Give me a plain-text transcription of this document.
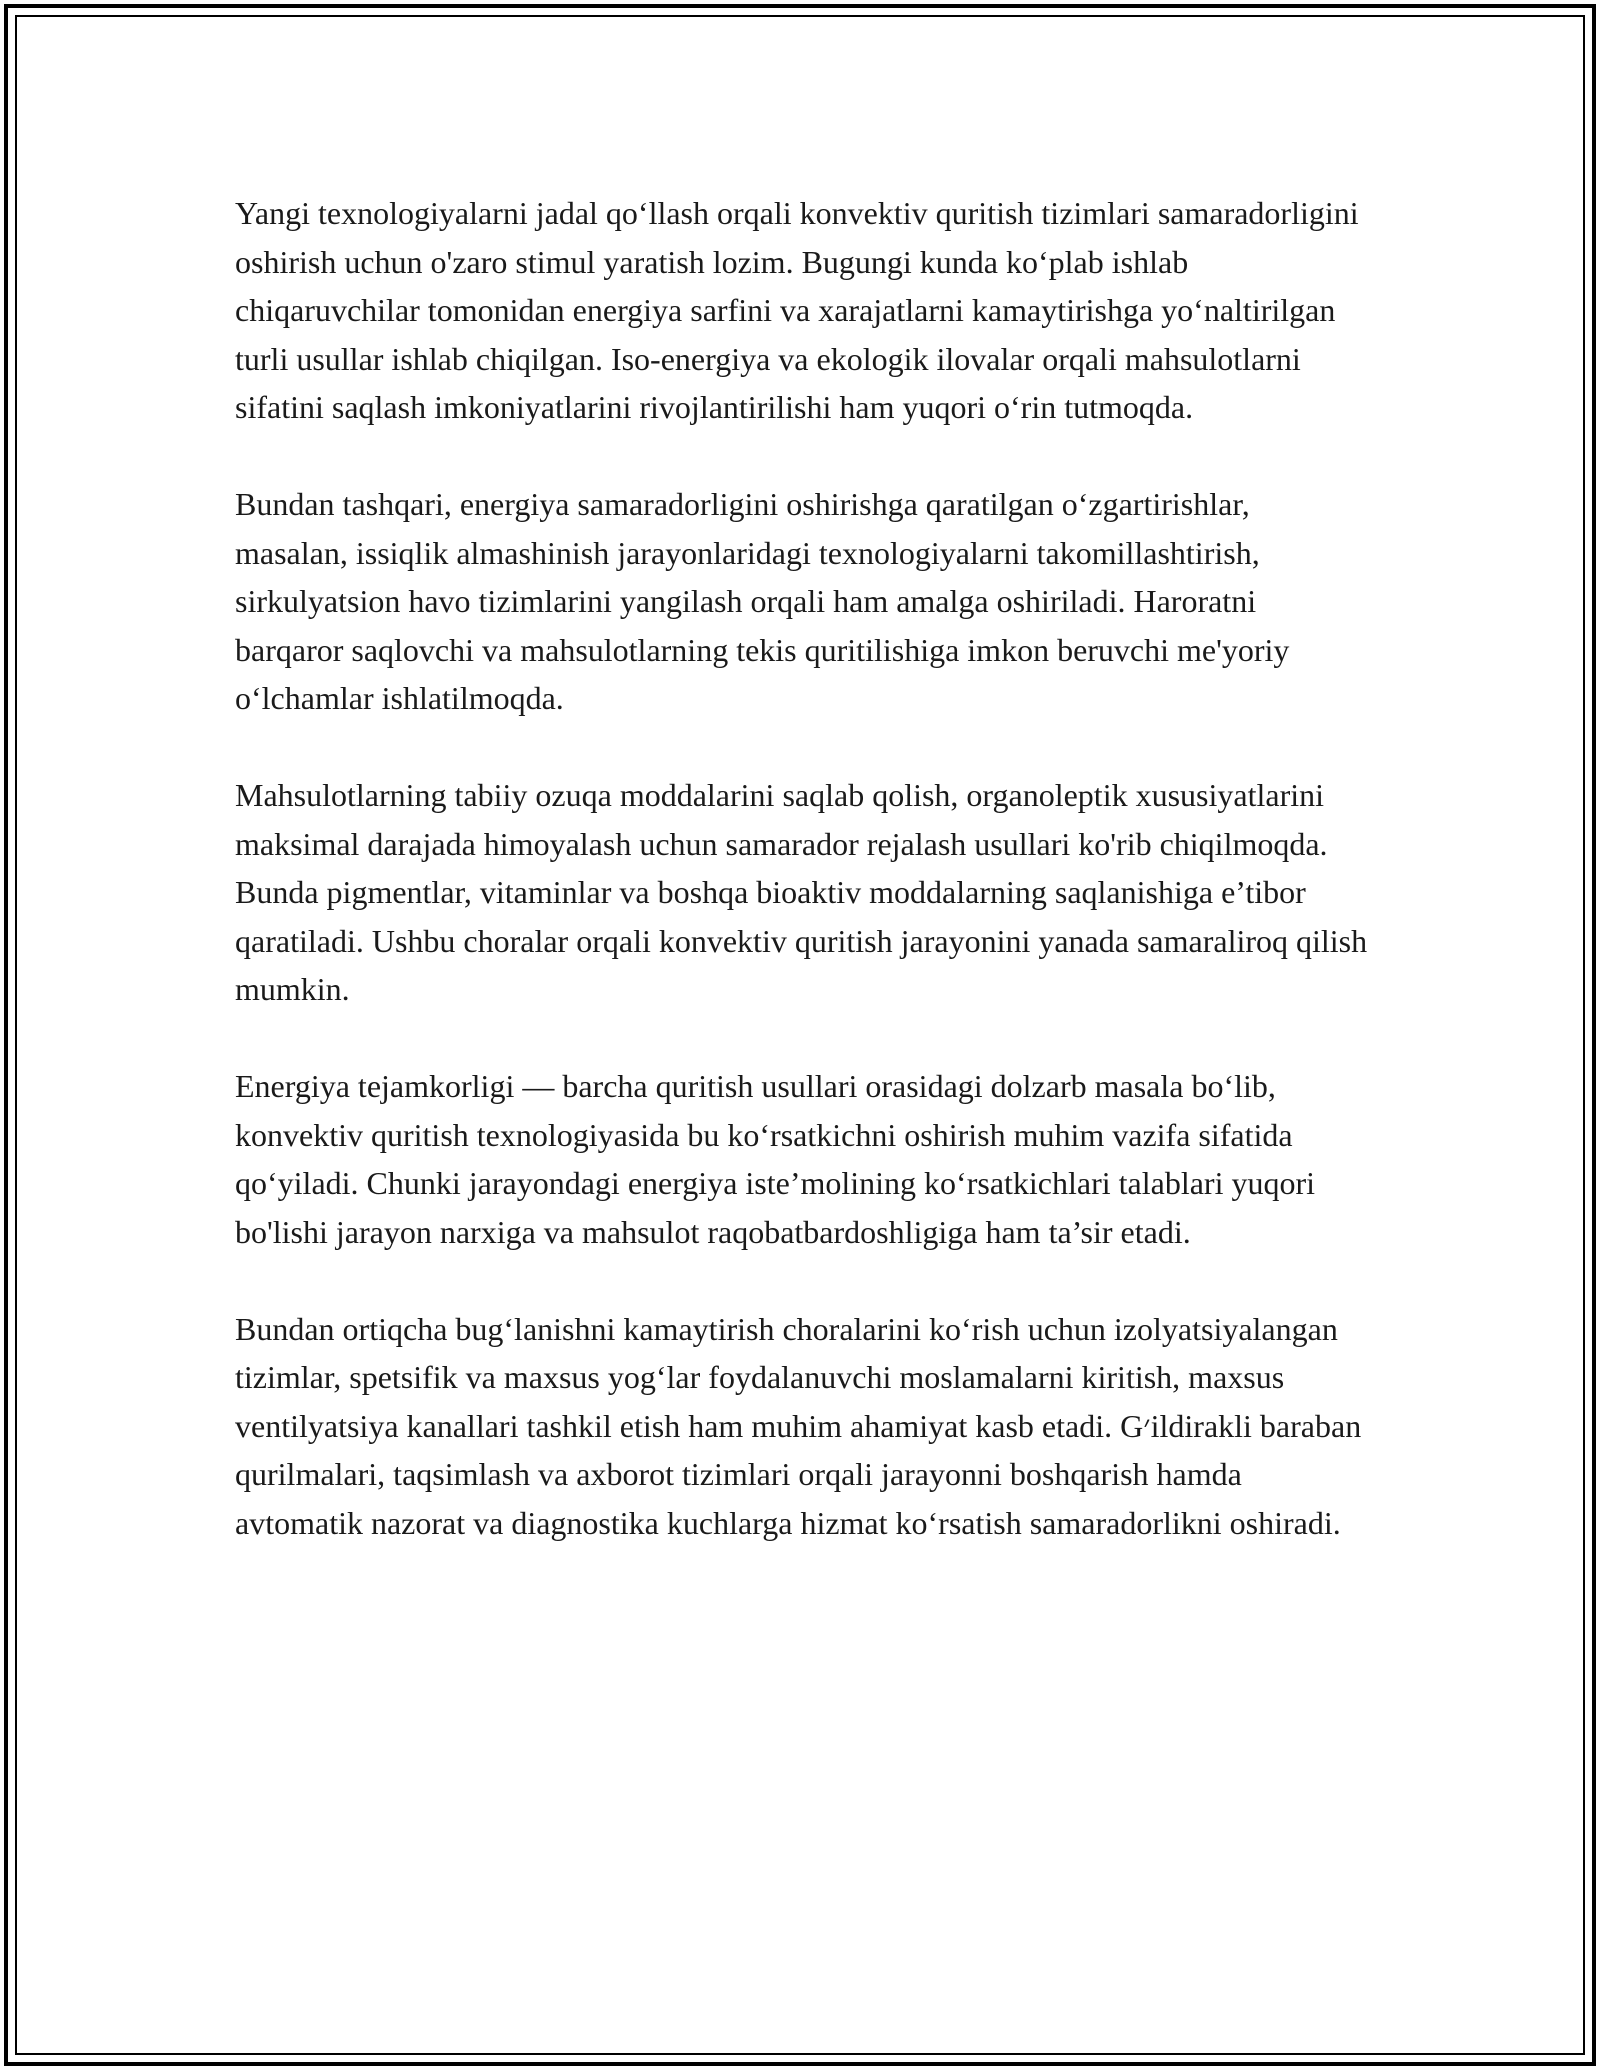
Yangi texnologiyalarni jadal qo‘llash orqali konvektiv quritish tizimlari samaradorligini oshirish uchun o'zaro stimul yaratish lozim. Bugungi kunda ko‘plab ishlab chiqaruvchilar tomonidan energiya sarfini va xarajatlarni kamaytirishga yo‘naltirilgan turli usullar ishlab chiqilgan. Iso-energiya va ekologik ilovalar orqali mahsulotlarni sifatini saqlash imkoniyatlarini rivojlantirilishi ham yuqori o‘rin tutmoqda.

Bundan tashqari, energiya samaradorligini oshirishga qaratilgan o‘zgartirishlar, masalan, issiqlik almashinish jarayonlaridagi texnologiyalarni takomillashtirish, sirkulyatsion havo tizimlarini yangilash orqali ham amalga oshiriladi. Haroratni barqaror saqlovchi va mahsulotlarning tekis quritilishiga imkon beruvchi me'yoriy o‘lchamlar ishlatilmoqda.

Mahsulotlarning tabiiy ozuqa moddalarini saqlab qolish, organoleptik xususiyatlarini maksimal darajada himoyalash uchun samarador rejalash usullari ko'rib chiqilmoqda. Bunda pigmentlar, vitaminlar va boshqa bioaktiv moddalarning saqlanishiga e’tibor qaratiladi. Ushbu choralar orqali konvektiv quritish jarayonini yanada samaraliroq qilish mumkin.

Energiya tejamkorligi — barcha quritish usullari orasidagi dolzarb masala bo‘lib, konvektiv quritish texnologiyasida bu ko‘rsatkichni oshirish muhim vazifa sifatida qo‘yiladi. Chunki jarayondagi energiya iste’molining ko‘rsatkichlari talablari yuqori bo'lishi jarayon narxiga va mahsulot raqobatbardoshligiga ham ta’sir etadi.

Bundan ortiqcha bug‘lanishni kamaytirish choralarini ko‘rish uchun izolyatsiyalangan tizimlar, spetsifik va maxsus yog‘lar foydalanuvchi moslamalarni kiritish, maxsus ventilyatsiya kanallari tashkil etish ham muhim ahamiyat kasb etadi. G׳ildirakli baraban qurilmalari, taqsimlash va axborot tizimlari orqali jarayonni boshqarish hamda avtomatik nazorat va diagnostika kuchlarga hizmat ko‘rsatish samaradorlikni oshiradi.
